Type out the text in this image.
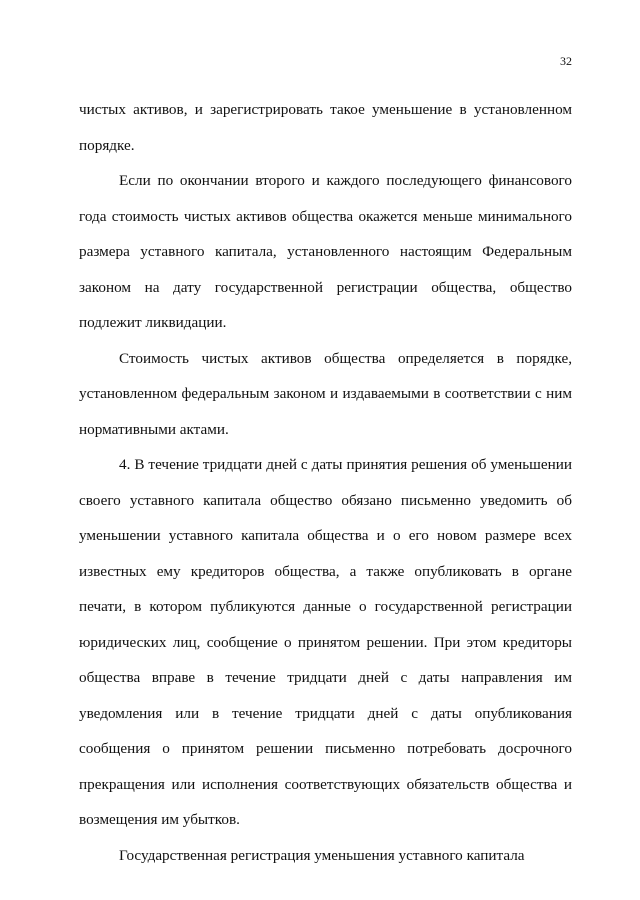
32

чистых активов, и зарегистрировать такое уменьшение в установленном порядке.

Если по окончании второго и каждого последующего финансового года стоимость чистых активов общества окажется меньше минимального размера уставного капитала, установленного настоящим Федеральным законом на дату государственной регистрации общества, общество подлежит ликвидации.

Стоимость чистых активов общества определяется в порядке, установленном федеральным законом и издаваемыми в соответствии с ним нормативными актами.

4. В течение тридцати дней с даты принятия решения об уменьшении своего уставного капитала общество обязано письменно уведомить об уменьшении уставного капитала общества и о его новом размере всех известных ему кредиторов общества, а также опубликовать в органе печати, в котором публикуются данные о государственной регистрации юридических лиц, сообщение о принятом решении. При этом кредиторы общества вправе в течение тридцати дней с даты направления им уведомления или в течение тридцати дней с даты опубликования сообщения о принятом решении письменно потребовать досрочного прекращения или исполнения соответствующих обязательств общества и возмещения им убытков.

Государственная регистрация уменьшения уставного капитала
